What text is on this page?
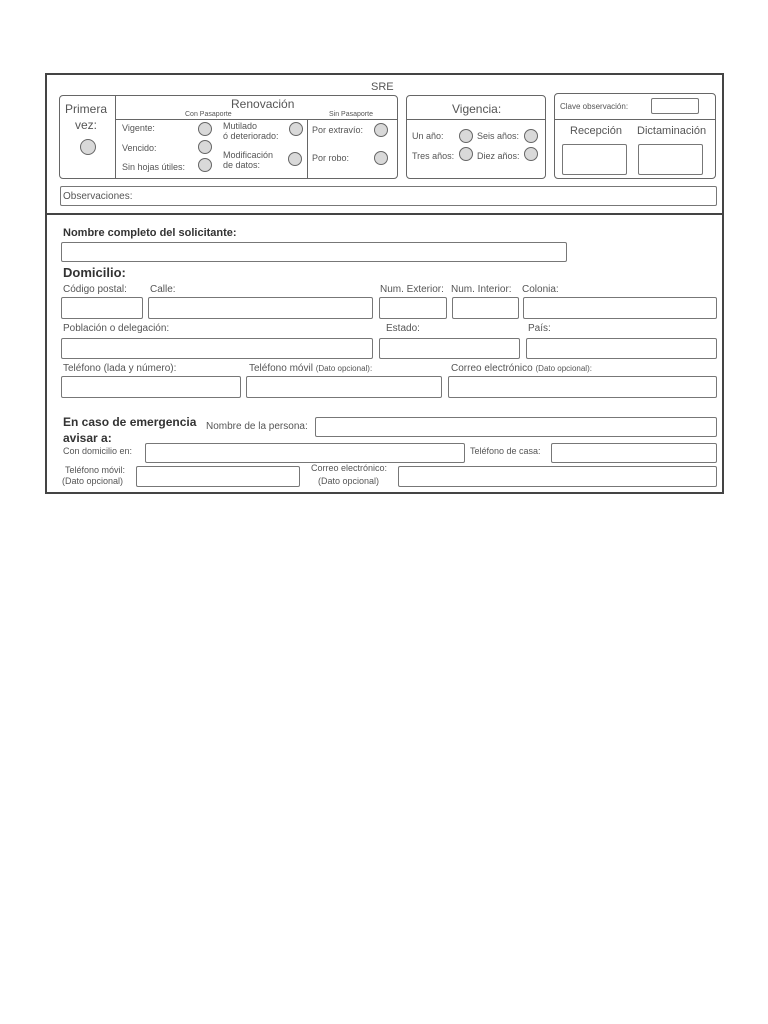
SRE
Primera
vez:
Renovación
Con Pasaporte	Sin Pasaporte
Vigente:
Vencido:
Sin hojas útiles:
Mutilado
ó deteriorado:
Modificación
de datos:
Por extravío:
Por robo:
Vigencia:
Un año:	Seis años:
Tres años:	Diez años:
Clave observación:
Recepción Dictaminación
Observaciones:
Nombre completo del solicitante:
Domicilio:
Código postal: Calle:	Num. Exterior: Num. Interior: Colonia:
Población o delegación:	Estado:	País:
Teléfono (lada y número):	Teléfono móvil (Dato opcional):	Correo electrónico (Dato opcional):
En caso de emergencia
avisar a:
Nombre de la persona:
Con domicilio en:	Teléfono de casa:
Teléfono móvil:
(Dato opcional)
Correo electrónico:
(Dato opcional)
